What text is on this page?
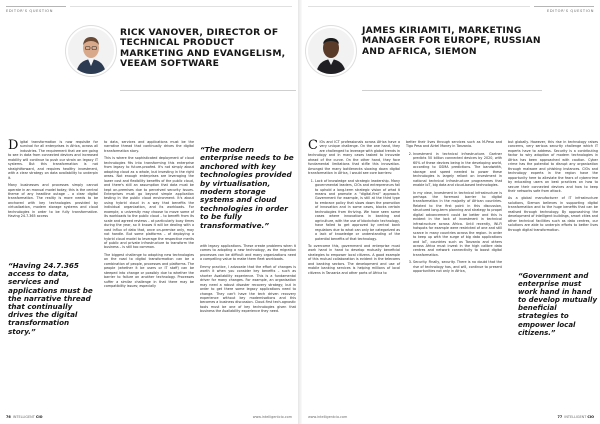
EDITOR'S QUESTION
RICK VANOVER, DIRECTOR OF TECHNICAL PRODUCT MARKETING AND EVANGELISM, VEEAM SOFTWARE

Digital transformation is now requisite for survival for all enterprises in Africa, across all industries. The requirement that we are going to see in data from connected devices and increased mobility will continue to push our strain on legacy IT systems. But this transformation is not straightforward, and requires healthy investment, with a clear strategy on data availability to underpin it.

Many businesses and processes simply cannot operate in an manual model today; this is the central theme of any headline outage – a clear digital transformation. The reality is more needs to be anchored with key technologies provided by virtualization, modern storage systems and cloud technologies in order to be fully transformative. Having 24.7.365 access

“Having 24.7.365 access to data, services and applications must be the narrative thread that continually drives the digital transformation story.”

to data, services and applications must be the narrative thread that continually drives the digital transformation story.

This is where the sophisticated deployment of cloud technologies fits into transforming this enterprise from legacy to future-proofed. It's not simply about adopting cloud as a whole, but investing in the right areas. Not enough enterprises are leveraging the lower cost and flexibility benefits of the public cloud, and there's still an assumption that data must be kept on-premises due to perceived security issues. Enterprises must go beyond simple application testing in the public cloud environment. It's about using hybrid cloud in a way that benefits the individual organization, and its workloads. For example, a university may choose to move some of its workloads to the public cloud – to benefit from its scale and agreed reviews – at particularly busy times during the year, so it knows it will be dealing with a vast influx of data that, once on-premise only, may not handle. But some platforms – of deploying a hybrid cloud model to leverage the respective merits of public and private infrastructure to transform the business – is still too common.

The biggest challenge to adopting new technologies on the road to digital transformation can be a combination of people, processes and platforms. The people (whether it be users or IT staff) can be steeped into change or possibly due to whether the barrier to failure on another technology. Processes suffer a similar challenge in that there may be compatibility issues; especially

“The modern enterprise needs to be anchored with key technologies provided by virtualisation, modern storage systems and cloud technologies in order to be fully transformative.”

with legacy applications. These create problems when it comes to adopting a new technology, as the migration processes can be difficult and many organizations need a compelling value to make them fleet workloads.

Emmy practice, I advocate that the effort of changes is worth it when you consider key benefits – such as shorter Availability experience. This is a fundamental driver for many changes. For example, an organisation may need a robust disaster recovery strategy; but in order to get there some legacy applications need to change. They can't have the tech driven recovery experience without key modernisations and this becomes a business discussion. Cloud-first tech-agnostic tools must be one of key technologies given that business the Availability experience they need.

76 INTELLIGENT CIO	www.intelligentcio.com
EDITOR'S QUESTION
JAMES KIRIAMITI, MARKETING MANAGER FOR EUROPE, RUSSIAN AND AFRICA, SIEMON

C IOs and ICT professionals across Africa have a very unique challenge. On the one hand, they are challenged to leverage with global trends in technology and in many cases tasked to innovate ahead of the curve. On the other hand, they face fundamental limitations that stifle this innovation. Amongst the many bottlenecks slowing down digital transformation in Africa, I would see core barriers:

1. Lack of knowledge and strategic leadership. Many governmental leaders, CIOs and entrepreneurs fail to uphold a long-term strategic vision of what it means and promote a “digital-first” approach. Government for example, is still at the third type to embrace policy that slows down the promotion of innovation and in some cases, blocks certain technologies from thriving. We have seen some cases where innovations in banking and agriculture, with the use of blockchain technology, have failed to get approved by central bank regulators due to what can only be categorized as a lack of knowledge or understanding of the potential benefits of that technology.

To overcome this, government and enterprise must work hand in hand to develop mutually beneficial strategies to empower local citizens. A good example of this mutual collaboration is evident in the telecoms and banking sectors. The development and use of mobile banking services is helping millions of local citizens in Tanzania and other parts of Africa to

better their lives through services such as M-Pesa and Tigo Pesa and Airtel Money in Tanzania.

2. Investment in technical infrastructure. Gartner predicts 50 billion connected devices by 2020, with 60% of these devices being in the developing world, according to GSMA predictions. The bandwidth, storage and speed needed to power these technologies is largely reliant on investment in national technical infrastructure programmes that enable IoT, big data and cloud-based technologies.

In my view, investment in technical infrastructure is perhaps the foremost barrier to digital transformation in the majority of African countries. Related to the first point in this discussion, structured long-term planning and strategy to propel digital advancement could be better and this is evident in the lack of investment in technical infrastructure across Africa. Until recently, Wi-Fi hotspots for example were restricted of one and still scarce in many countries across the region. In order to keep up with the surge of big data applications and IoT, countries such as Tanzania and others across Africa must invest in the high calibre data centres and network connectivity to boost digital transformation.

3. Security. Finally, security. There is no doubt that the rise of technology has, and will, continue to present opportunities not only in Africa,

but globally. However, this rise in technology raises concerns, very serious security challenge which IT experts have to address. Security is a contributing factor to why adoption of modern technologies in Africa has been approached with caution. Cyber crime has the potential to disrupt any organization through malware and phishing instances. CIOs and technology experts in the region have the opportunity here to alleviate the fears of cybercrime by educating users on best practices on how to secure their connected devices and how to keep their networks safe from attack.

As a global manufacturer of IT infrastructure solutions, Siemon believes in supporting digital transformation and to the huge benefits that can be realised through technology. By approaching the development of intelligent buildings, smart cities and other technical facilities such as data centres, our solutions are able to underpin efforts to better lives through digital transformation.

“Government and enterprise must work hand in hand to develop mutually beneficial strategies to empower local citizens.”
www.intelligentcio.com	77 INTELLIGENT CIO
